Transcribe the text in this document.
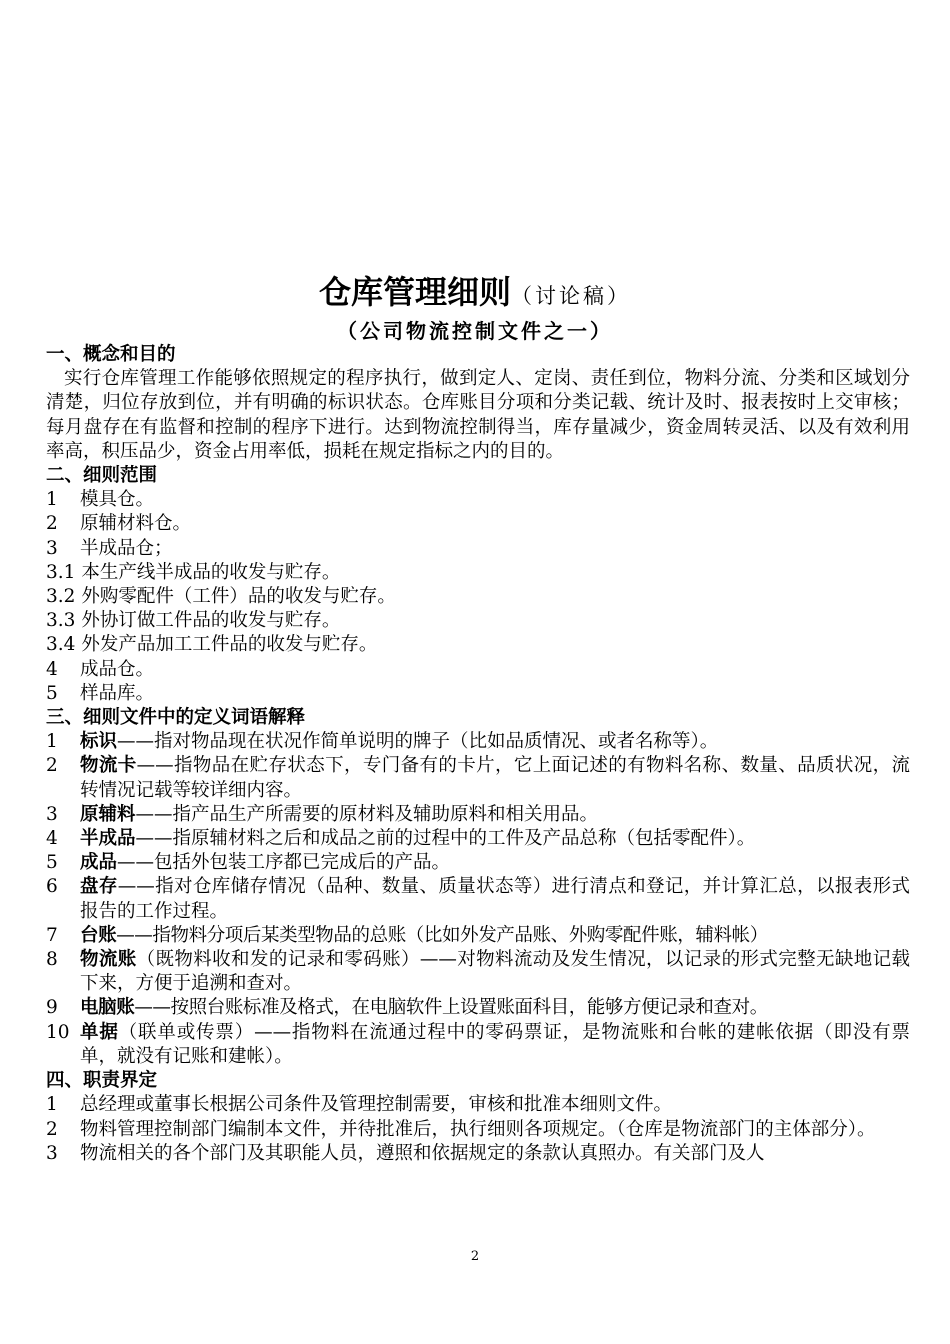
仓库管理细则（讨论稿）
（公司物流控制文件之一）

一、概念和目的

实行仓库管理工作能够依照规定的程序执行，做到定人、定岗、责任到位，物料分流、分类和区域划分清楚，归位存放到位，并有明确的标识状态。仓库账目分项和分类记载、统计及时、报表按时上交审核；每月盘存在有监督和控制的程序下进行。达到物流控制得当，库存量减少，资金周转灵活、以及有效利用率高，积压品少，资金占用率低，损耗在规定指标之内的目的。

二、细则范围

1	模具仓。
2	原辅材料仓。
3	半成品仓；
3.1
本生产线半成品的收发与贮存。
3.2
外购零配件（工件）品的收发与贮存。
3.3
外协订做工件品的收发与贮存。
3.4
外发产品加工工件品的收发与贮存。
4	成品仓。
5	样品库。

三、细则文件中的定义词语解释

1	标识——指对物品现在状况作简单说明的牌子（比如品质情况、或者名称等）。
2	物流卡——指物品在贮存状态下，专门备有的卡片，它上面记述的有物料名称、数量、品质状况，流转情况记载等较详细内容。
3	原辅料——指产品生产所需要的原材料及辅助原料和相关用品。
4	半成品——指原辅材料之后和成品之前的过程中的工件及产品总称（包括零配件）。
5	成品——包括外包装工序都已完成后的产品。
6	盘存——指对仓库储存情况（品种、数量、质量状态等）进行清点和登记，并计算汇总，以报表形式报告的工作过程。
7	台账——指物料分项后某类型物品的总账（比如外发产品账、外购零配件账，辅料帐）
8	物流账（既物料收和发的记录和零码账）——对物料流动及发生情况，以记录的形式完整无缺地记载下来，方便于追溯和查对。
9	电脑账——按照台账标准及格式，在电脑软件上设置账面科目，能够方便记录和查对。
10 单据（联单或传票）——指物料在流通过程中的零码票证，是物流账和台帐的建帐依据（即没有票单，就没有记账和建帐）。

四、职责界定

1	总经理或董事长根据公司条件及管理控制需要，审核和批准本细则文件。
2	物料管理控制部门编制本文件，并待批准后，执行细则各项规定。（仓库是物流部门的主体部分）。
3	物流相关的各个部门及其职能人员，遵照和依据规定的条款认真照办。有关部门及人
2
